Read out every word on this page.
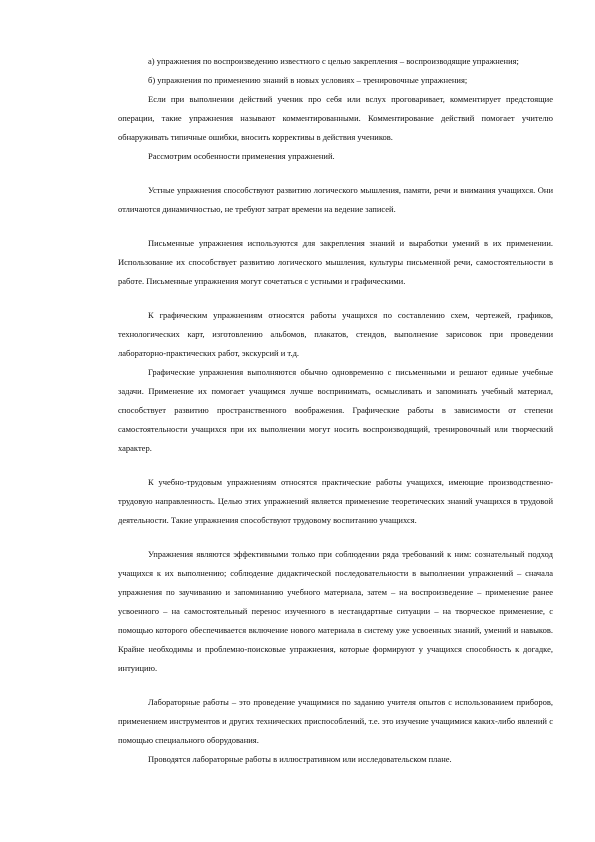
а) упражнения по воспроизведению известного с целью закрепления – воспроизводящие упражнения;

б) упражнения по применению знаний в новых условиях – тренировочные упражнения;

Если при выполнении действий ученик про себя или вслух проговаривает, комментирует предстоящие операции, такие упражнения называют комментированными. Комментирование действий помогает учителю обнаруживать типичные ошибки, вносить коррективы в действия учеников.

Рассмотрим особенности применения упражнений.

Устные упражнения способствуют развитию логического мышления, памяти, речи и внимания учащихся. Они отличаются динамичностью, не требуют затрат времени на ведение записей.

Письменные упражнения используются для закрепления знаний и выработки умений в их применении. Использование их способствует развитию логического мышления, культуры письменной речи, самостоятельности в работе. Письменные упражнения могут сочетаться с устными и графическими.

К графическим упражнениям относятся работы учащихся по составлению схем, чертежей, графиков, технологических карт, изготовлению альбомов, плакатов, стендов, выполнение зарисовок при проведении лабораторно-практических работ, экскурсий и т.д.

Графические упражнения выполняются обычно одновременно с письменными и решают единые учебные задачи. Применение их помогает учащимся лучше воспринимать, осмысливать и запоминать учебный материал, способствует развитию пространственного воображения. Графические работы в зависимости от степени самостоятельности учащихся при их выполнении могут носить воспроизводящий, тренировочный или творческий характер.

К учебно-трудовым упражнениям относятся практические работы учащихся, имеющие производственно-трудовую направленность. Целью этих упражнений является применение теоретических знаний учащихся в трудовой деятельности. Такие упражнения способствуют трудовому воспитанию учащихся.

Упражнения являются эффективными только при соблюдении ряда требований к ним: сознательный подход учащихся к их выполнению; соблюдение дидактической последовательности в выполнении упражнений – сначала упражнения по заучиванию и запоминанию учебного материала, затем – на воспроизведение – применение ранее усвоенного – на самостоятельный перенос изученного в нестандартные ситуации – на творческое применение, с помощью которого обеспечивается включение нового материала в систему уже усвоенных знаний, умений и навыков. Крайне необходимы и проблемно-поисковые упражнения, которые формируют у учащихся способность к догадке, интуицию.

Лабораторные работы – это проведение учащимися по заданию учителя опытов с использованием приборов, применением инструментов и других технических приспособлений, т.е. это изучение учащимися каких-либо явлений с помощью специального оборудования.

Проводятся лабораторные работы в иллюстративном или исследовательском плане.
